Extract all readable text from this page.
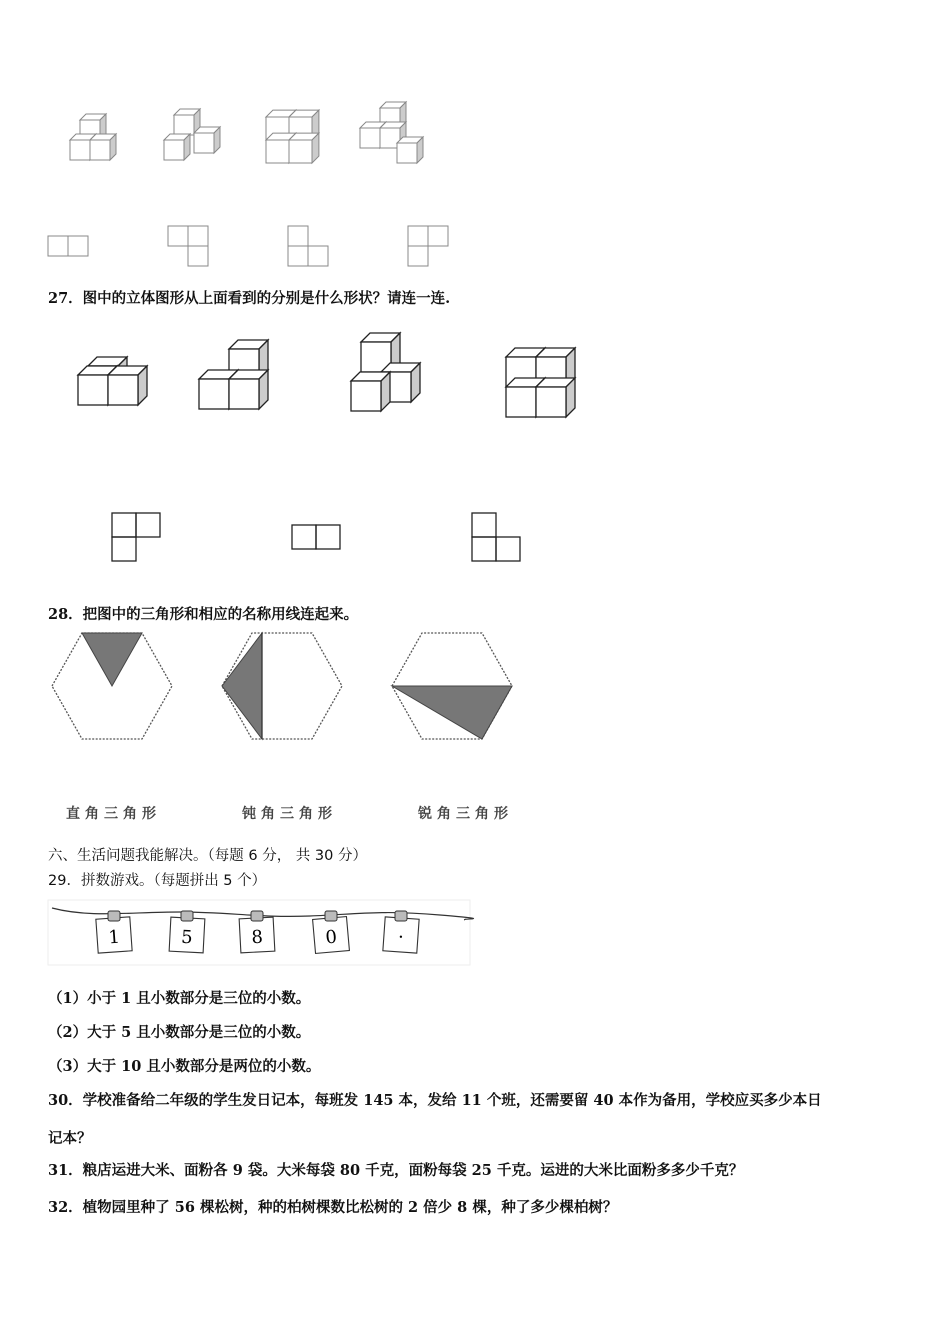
1	5	8	0	·
27．图中的立体图形从上面看到的分别是什么形状？请连一连.
28．把图中的三角形和相应的名称用线连起来。
直角三角形	钝角三角形	锐角三角形
六、生活问题我能解决。（每题 6 分， 共 30 分）
29．拼数游戏。（每题拼出 5 个）
（1）小于 1 且小数部分是三位的小数。
（2）大于 5 且小数部分是三位的小数。
（3）大于 10 且小数部分是两位的小数。
30．学校准备给二年级的学生发日记本，每班发 145 本，发给 11 个班，还需要留 40 本作为备用，学校应买多少本日
记本？
31．粮店运进大米、面粉各 9 袋。大米每袋 80 千克，面粉每袋 25 千克。运进的大米比面粉多多少千克？
32．植物园里种了 56 棵松树，种的柏树棵数比松树的 2 倍少 8 棵，种了多少棵柏树？
